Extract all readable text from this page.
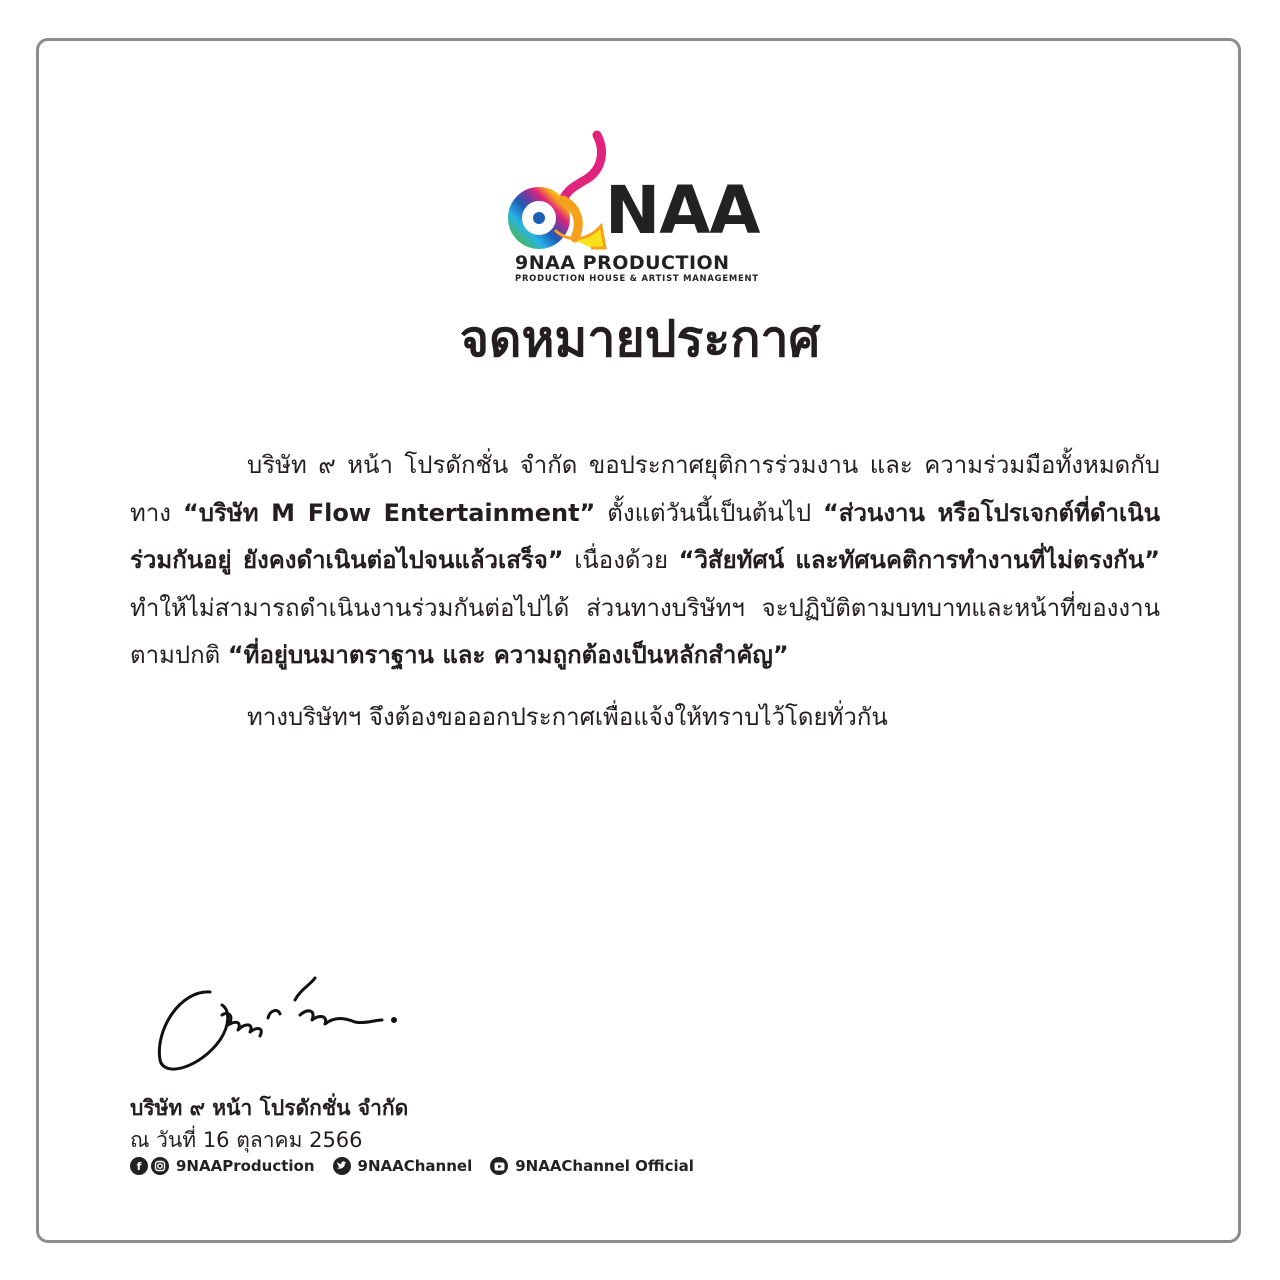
NAA
9NAA PRODUCTION
PRODUCTION HOUSE & ARTIST MANAGEMENT
จดหมายประกาศ

บริษัท ๙ หน้า โปรดักชั่น จำกัด ขอประกาศยุติการร่วมงาน และ ความร่วมมือทั้งหมดกับทาง “บริษัท M Flow Entertainment” ตั้งแต่วันนี้เป็นต้นไป “ส่วนงาน หรือโปรเจกต์ที่ดำเนินร่วมกันอยู่ ยังคงดำเนินต่อไปจนแล้วเสร็จ” เนื่องด้วย “วิสัยทัศน์ และทัศนคติการทำงานที่ไม่ตรงกัน” ทำให้ไม่สามารถดำเนินงานร่วมกันต่อไปได้ ส่วนทางบริษัทฯ จะปฏิบัติตามบทบาทและหน้าที่ของงานตามปกติ “ที่อยู่บนมาตราฐาน และ ความถูกต้องเป็นหลักสำคัญ”

ทางบริษัทฯ จึงต้องขอออกประกาศเพื่อแจ้งให้ทราบไว้โดยทั่วกัน

บริษัท ๙ หน้า โปรดักชั่น จำกัด
ณ วันที่ 16 ตุลาคม 2566
f	9NAAProduction	9NAAChannel	9NAAChannel Official
